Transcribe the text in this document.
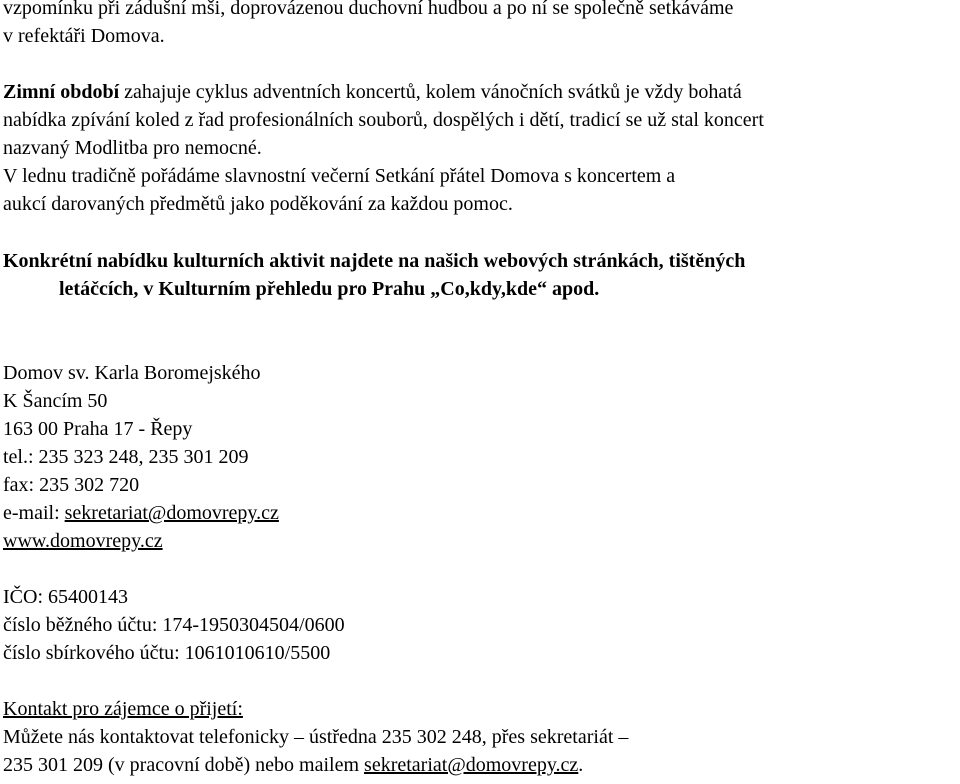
vzpomínku při zádušní mši, doprovázenou duchovní hudbou a po ní se společně setkáváme

v refektáři Domova.

Zimní období zahajuje cyklus adventních koncertů, kolem vánočních svátků je vždy bohatá

nabídka zpívání koled z řad profesionálních souborů, dospělých i dětí, tradicí se už stal koncert

nazvaný Modlitba pro nemocné.

V lednu tradičně pořádáme slavnostní večerní Setkání přátel Domova s koncertem a

aukcí darovaných předmětů jako poděkování za každou pomoc.

Konkrétní nabídku kulturních aktivit najdete na našich webových stránkách, tištěných

letáčcích, v Kulturním přehledu pro Prahu „Co,kdy,kde“ apod.

Domov sv. Karla Boromejského

K Šancím 50

163 00 Praha 17 - Řepy

tel.: 235 323 248, 235 301 209

fax: 235 302 720

e-mail: sekretariat@domovrepy.cz

www.domovrepy.cz

IČO: 65400143

číslo běžného účtu: 174-1950304504/0600

číslo sbírkového účtu: 1061010610/5500

Kontakt pro zájemce o přijetí:

Můžete nás kontaktovat telefonicky – ústředna 235 302 248, přes sekretariát –

235 301 209 (v pracovní době) nebo mailem sekretariat@domovrepy.cz.
